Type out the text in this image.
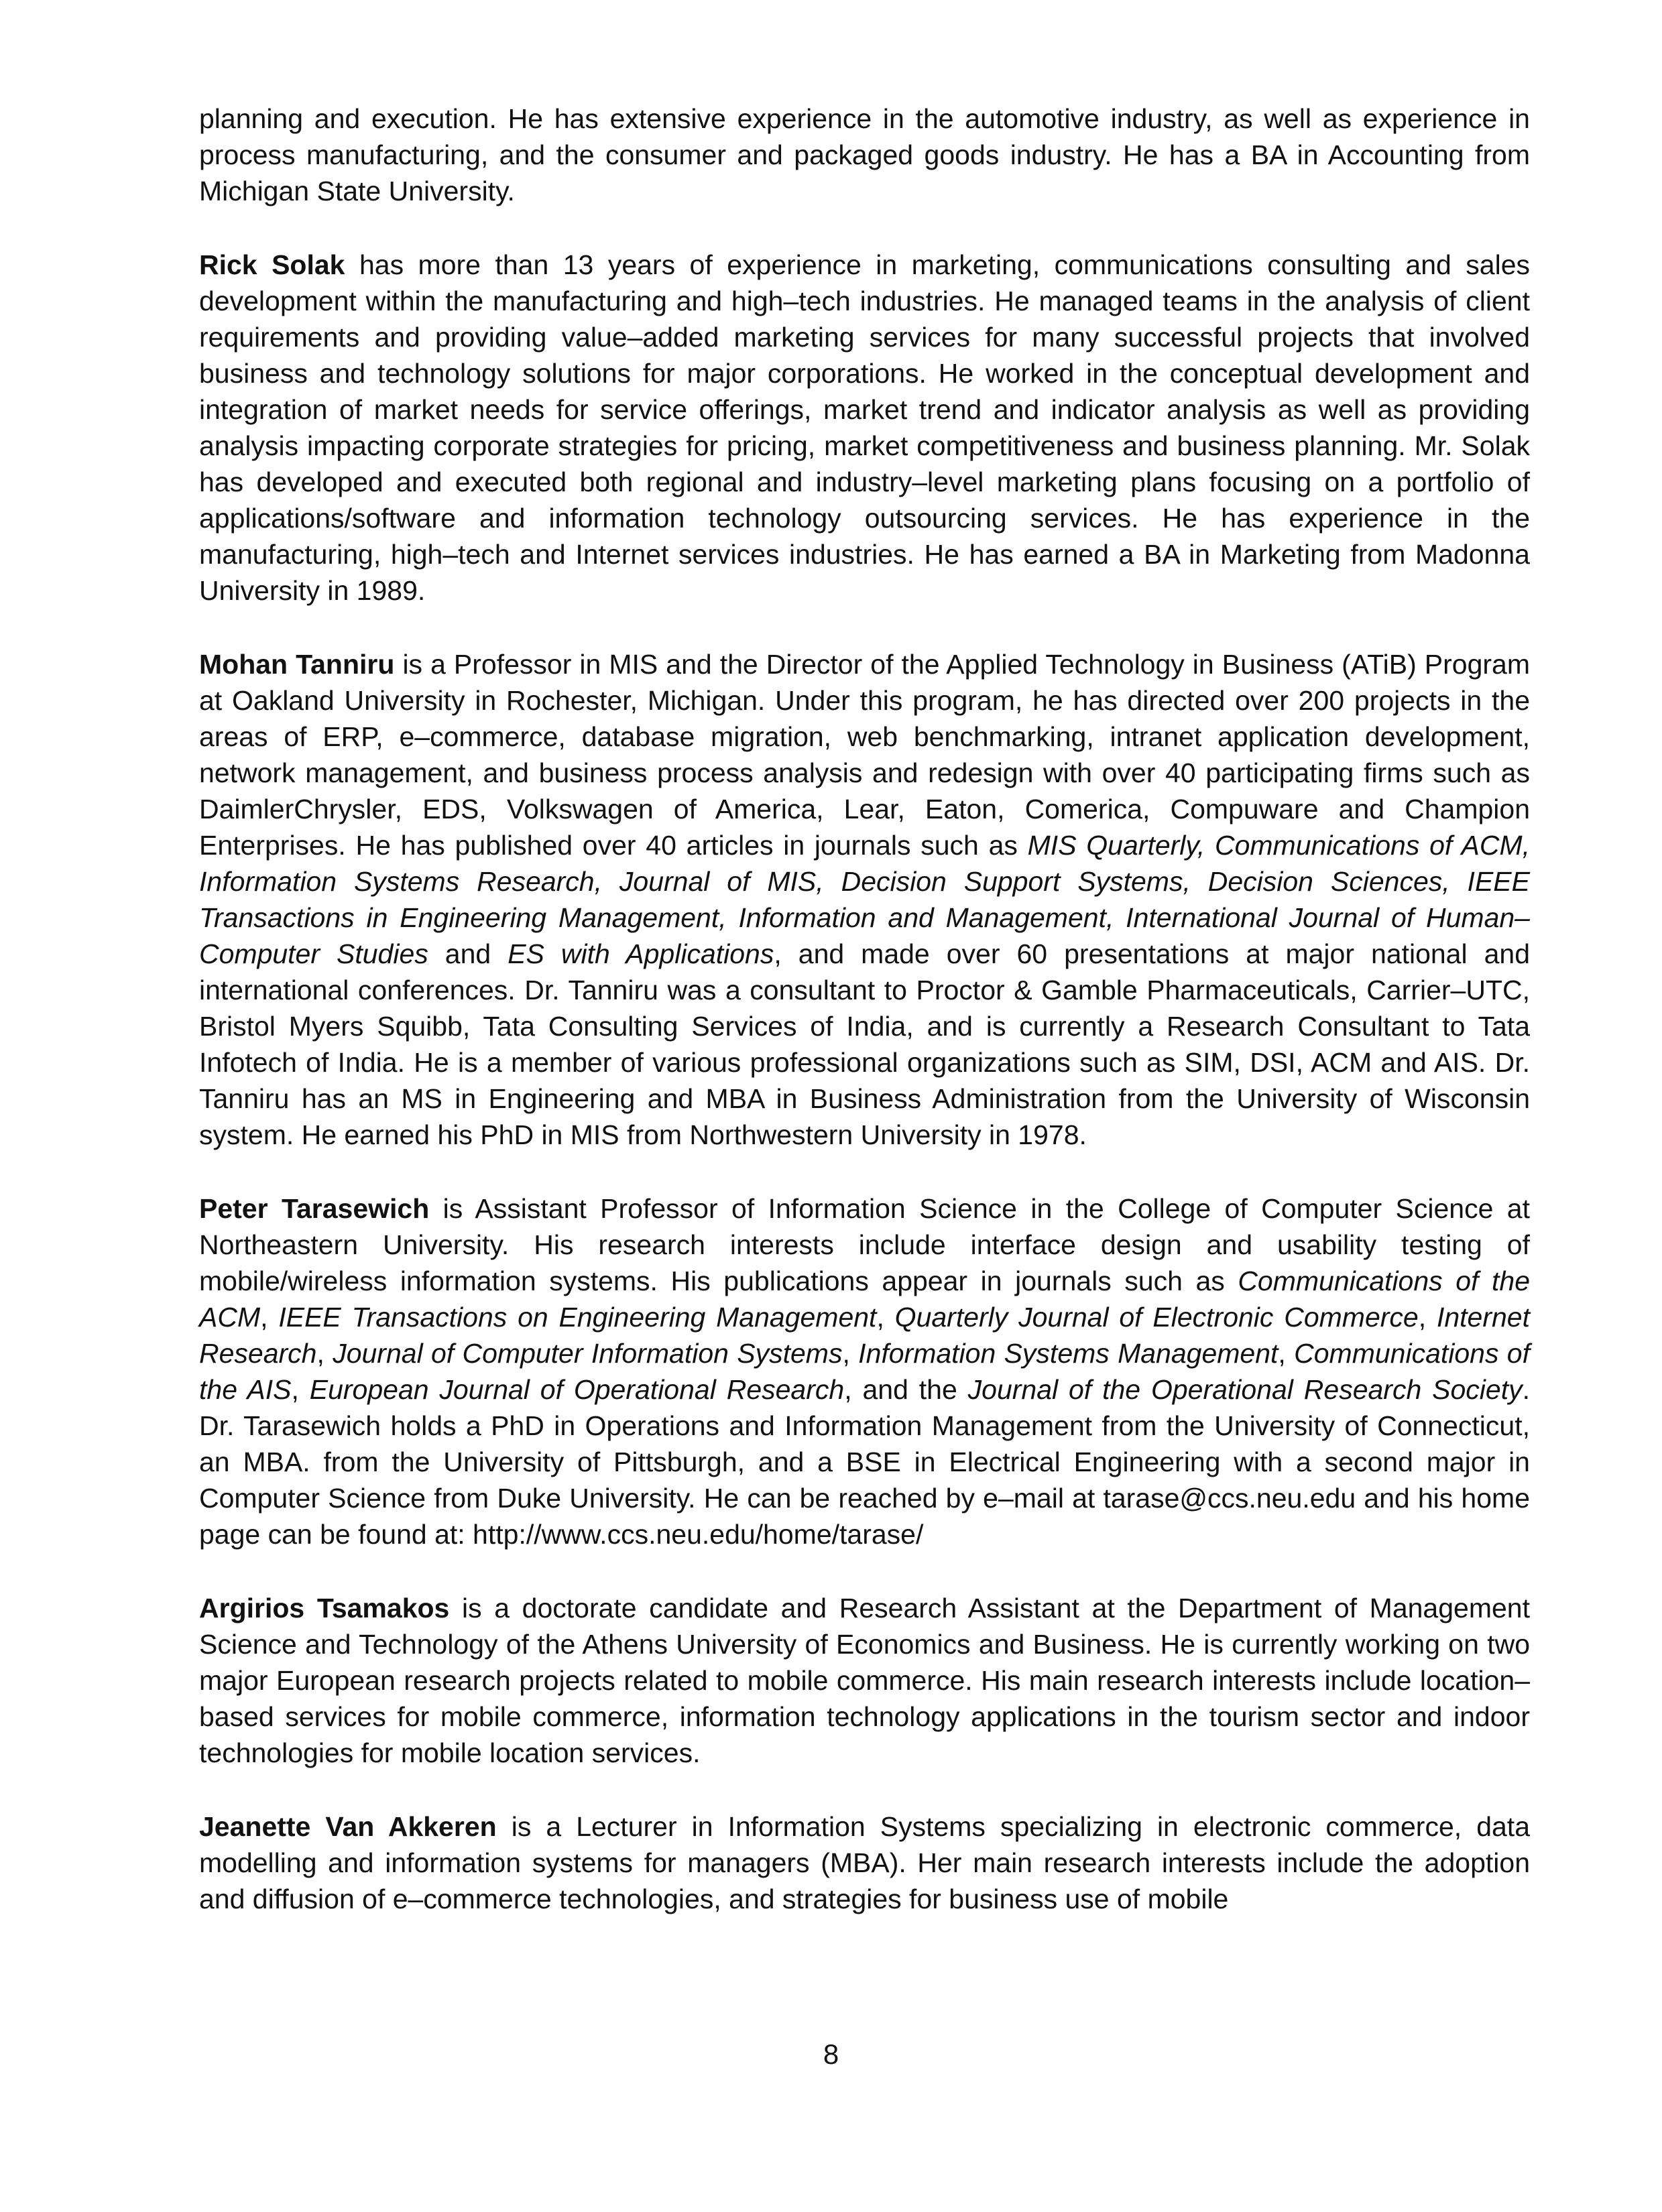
planning and execution. He has extensive experience in the automotive industry, as well as experience in process manufacturing, and the consumer and packaged goods industry. He has a BA in Accounting from Michigan State University.

Rick Solak has more than 13 years of experience in marketing, communications consulting and sales development within the manufacturing and high–tech industries. He managed teams in the analysis of client requirements and providing value–added marketing services for many successful projects that involved business and technology solutions for major corporations. He worked in the conceptual development and integration of market needs for service offerings, market trend and indicator analysis as well as providing analysis impacting corporate strategies for pricing, market competitiveness and business planning. Mr. Solak has developed and executed both regional and industry–level marketing plans focusing on a portfolio of applications/software and information technology outsourcing services. He has experience in the manufacturing, high–tech and Internet services industries. He has earned a BA in Marketing from Madonna University in 1989.

Mohan Tanniru is a Professor in MIS and the Director of the Applied Technology in Business (ATiB) Program at Oakland University in Rochester, Michigan. Under this program, he has directed over 200 projects in the areas of ERP, e–commerce, database migration, web benchmarking, intranet application development, network management, and business process analysis and redesign with over 40 participating firms such as DaimlerChrysler, EDS, Volkswagen of America, Lear, Eaton, Comerica, Compuware and Champion Enterprises. He has published over 40 articles in journals such as MIS Quarterly, Communications of ACM, Information Systems Research, Journal of MIS, Decision Support Systems, Decision Sciences, IEEE Transactions in Engineering Management, Information and Management, International Journal of Human–Computer Studies and ES with Applications, and made over 60 presentations at major national and international conferences. Dr. Tanniru was a consultant to Proctor & Gamble Pharmaceuticals, Carrier–UTC, Bristol Myers Squibb, Tata Consulting Services of India, and is currently a Research Consultant to Tata Infotech of India. He is a member of various professional organizations such as SIM, DSI, ACM and AIS. Dr. Tanniru has an MS in Engineering and MBA in Business Administration from the University of Wisconsin system. He earned his PhD in MIS from Northwestern University in 1978.

Peter Tarasewich is Assistant Professor of Information Science in the College of Computer Science at Northeastern University. His research interests include interface design and usability testing of mobile/wireless information systems. His publications appear in journals such as Communications of the ACM, IEEE Transactions on Engineering Management, Quarterly Journal of Electronic Commerce, Internet Research, Journal of Computer Information Systems, Information Systems Management, Communications of the AIS, European Journal of Operational Research, and the Journal of the Operational Research Society. Dr. Tarasewich holds a PhD in Operations and Information Management from the University of Connecticut, an MBA. from the University of Pittsburgh, and a BSE in Electrical Engineering with a second major in Computer Science from Duke University. He can be reached by e–mail at tarase@ccs.neu.edu and his home page can be found at: http://www.ccs.neu.edu/home/tarase/

Argirios Tsamakos is a doctorate candidate and Research Assistant at the Department of Management Science and Technology of the Athens University of Economics and Business. He is currently working on two major European research projects related to mobile commerce. His main research interests include location–based services for mobile commerce, information technology applications in the tourism sector and indoor technologies for mobile location services.

Jeanette Van Akkeren is a Lecturer in Information Systems specializing in electronic commerce, data modelling and information systems for managers (MBA). Her main research interests include the adoption and diffusion of e–commerce technologies, and strategies for business use of mobile

8
